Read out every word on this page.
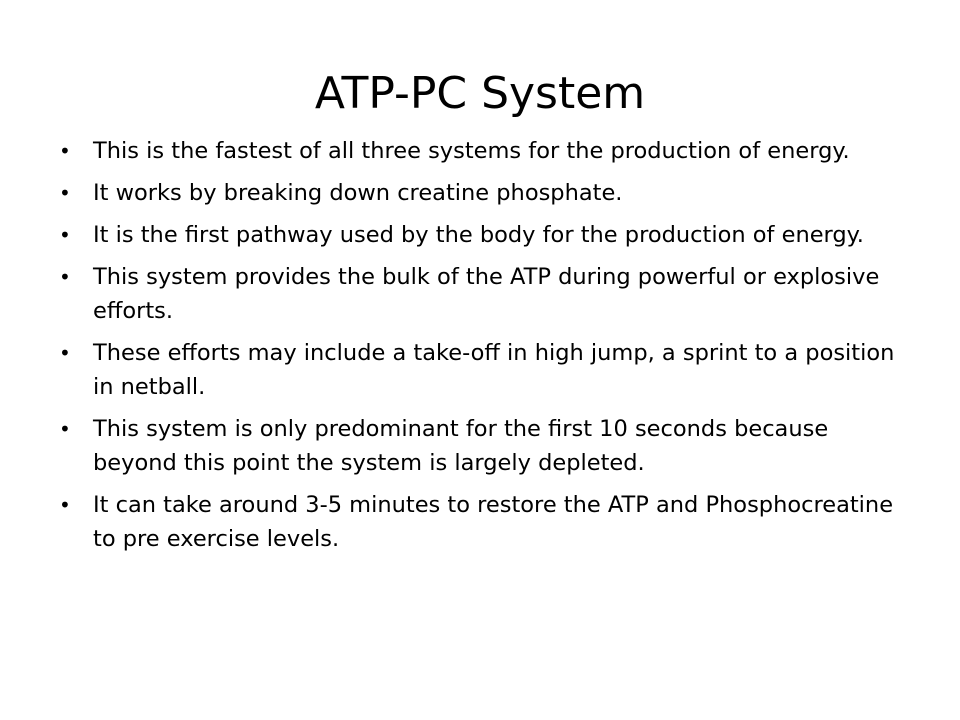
ATP-PC System
• This is the fastest of all three systems for the production of energy.
• It works by breaking down creatine phosphate.
• It is the first pathway used by the body for the production of energy.
• This system provides the bulk of the ATP during powerful or explosive efforts.
• These efforts may include a take-off in high jump, a sprint to a position in netball.
• This system is only predominant for the first 10 seconds because beyond this point the system is largely depleted.
• It can take around 3-5 minutes to restore the ATP and Phosphocreatine to pre exercise levels.
